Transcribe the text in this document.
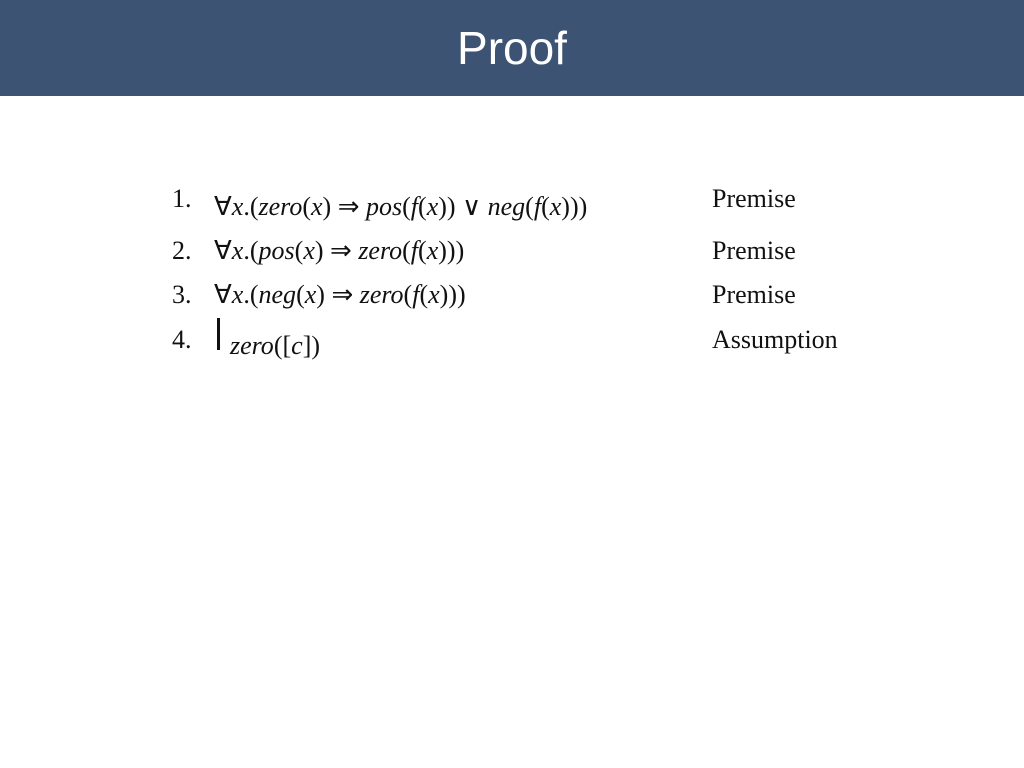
Proof
1. ∀x.(zero(x) ⇒ pos(f(x)) ∨ neg(f(x)))	Premise
2. ∀x.(pos(x) ⇒ zero(f(x)))	Premise
3. ∀x.(neg(x) ⇒ zero(f(x)))	Premise
4. zero([c])	Assumption
